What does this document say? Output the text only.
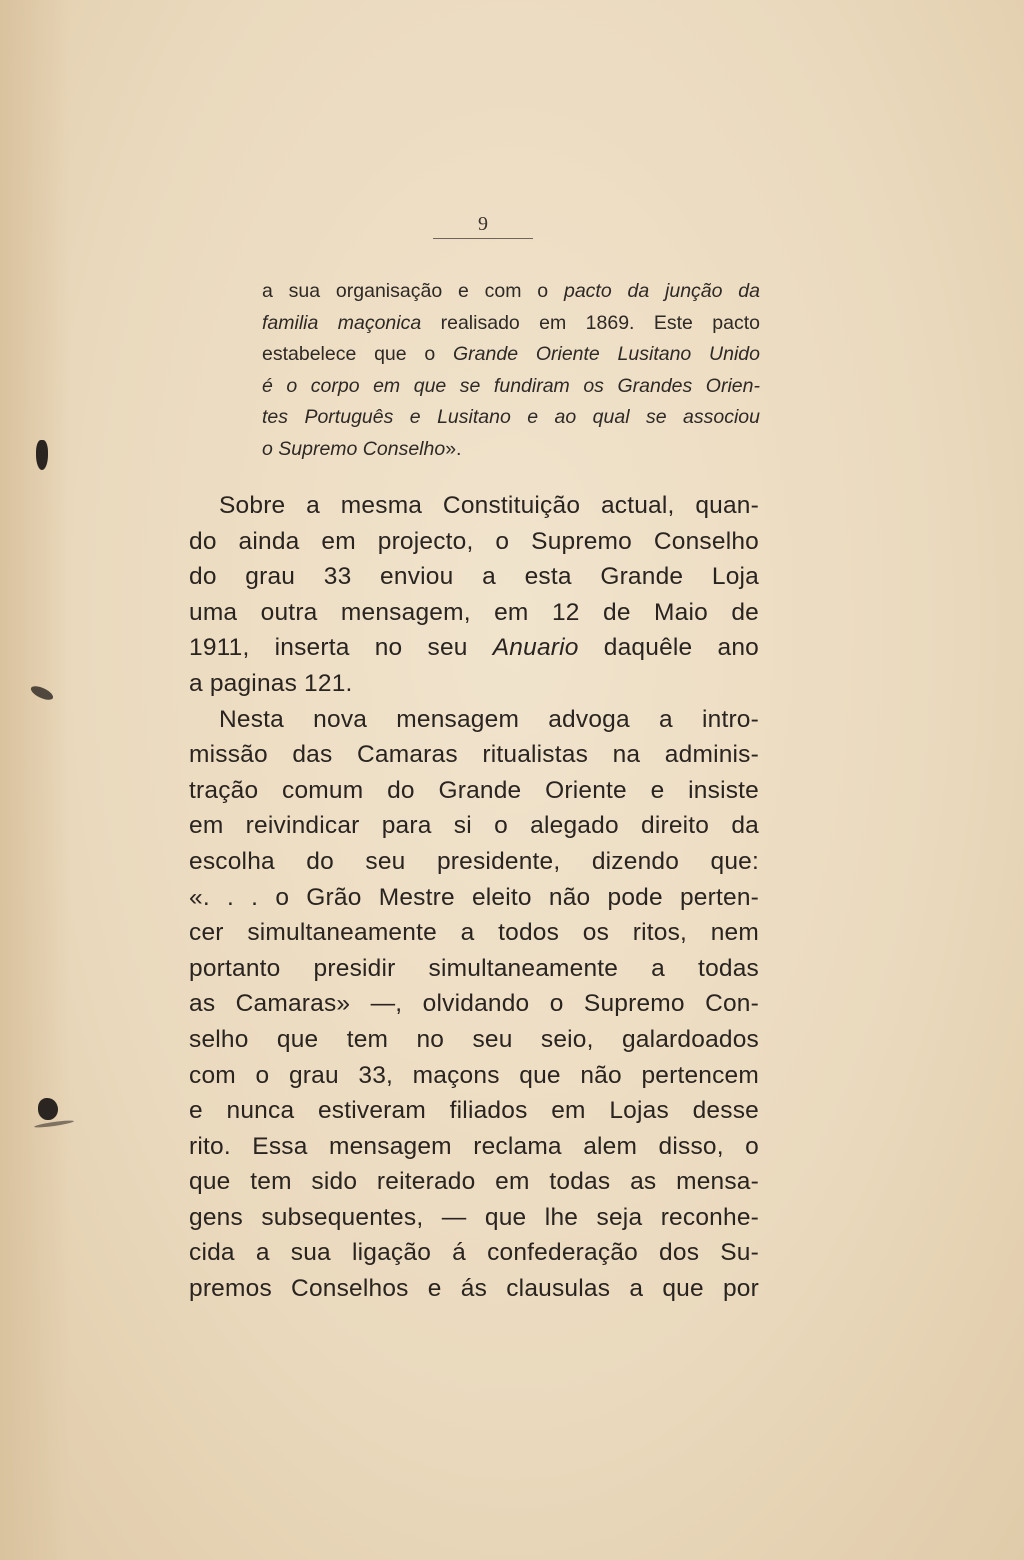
9
a sua organisação e com o pacto da junção da
familia maçonica realisado em 1869. Este pacto
estabelece que o Grande Oriente Lusitano Unido
é o corpo em que se fundiram os Grandes Orien-
tes Português e Lusitano e ao qual se associou
o Supremo Conselho».
Sobre a mesma Constituição actual, quan-
do ainda em projecto, o Supremo Conselho
do grau 33 enviou a esta Grande Loja
uma outra mensagem, em 12 de Maio de
1911, inserta no seu Anuario daquêle ano
a paginas 121.
Nesta nova mensagem advoga a intro-
missão das Camaras ritualistas na adminis-
tração comum do Grande Oriente e insiste
em reivindicar para si o alegado direito da
escolha do seu presidente, dizendo que:
«. . . o Grão Mestre eleito não pode perten-
cer simultaneamente a todos os ritos, nem
portanto presidir simultaneamente a todas
as Camaras» —, olvidando o Supremo Con-
selho que tem no seu seio, galardoados
com o grau 33, maçons que não pertencem
e nunca estiveram filiados em Lojas desse
rito. Essa mensagem reclama alem disso, o
que tem sido reiterado em todas as mensa-
gens subsequentes, — que lhe seja reconhe-
cida a sua ligação á confederação dos Su-
premos Conselhos e ás clausulas a que por
